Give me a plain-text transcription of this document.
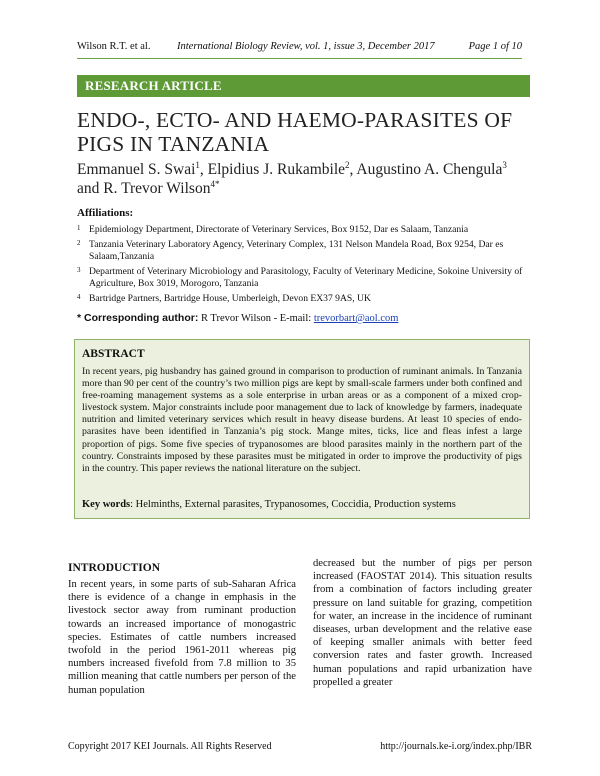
Wilson R.T. et al.	International Biology Review, vol. 1, issue 3, December 2017	Page 1 of 10
RESEARCH ARTICLE
ENDO-, ECTO- AND HAEMO-PARASITES OF PIGS IN TANZANIA
Emmanuel S. Swai$^1$, Elpidius J. Rukambile$^2$, Augustino A. Chengula$^3$
and R. Trevor Wilson$^{4*}$
Affiliations:
1 Epidemiology Department, Directorate of Veterinary Services, Box 9152, Dar es Salaam, Tanzania
2 Tanzania Veterinary Laboratory Agency, Veterinary Complex, 131 Nelson Mandela Road, Box 9254, Dar es Salaam,Tanzania
3 Department of Veterinary Microbiology and Parasitology, Faculty of Veterinary Medicine, Sokoine University of Agriculture, Box 3019, Morogoro, Tanzania
4 Bartridge Partners, Bartridge House, Umberleigh, Devon EX37 9AS, UK
* Corresponding author: R Trevor Wilson - E-mail: trevorbart@aol.com
ABSTRACT

In recent years, pig husbandry has gained ground in comparison to production of ruminant animals. In Tanzania more than 90 per cent of the country’s two million pigs are kept by small-scale farmers under both confined and free-roaming management systems as a sole enterprise in urban areas or as a component of a mixed crop-livestock system. Major constraints include poor management due to lack of knowledge by farmers, inadequate nutrition and limited veterinary services which result in heavy disease burdens. At least 10 species of endo-parasites have been identified in Tanzania’s pig stock. Mange mites, ticks, lice and fleas infest a large proportion of pigs. Some five species of trypanosomes are blood parasites mainly in the northern part of the country. Constraints imposed by these parasites must be mitigated in order to improve the productivity of pigs in the country. This paper reviews the national literature on the subject.

Key words: Helminths, External parasites, Trypanosomes, Coccidia, Production systems
INTRODUCTION

In recent years, in some parts of sub-Saharan Africa there is evidence of a change in emphasis in the livestock sector away from ruminant production towards an increased importance of monogastric species. Estimates of cattle numbers increased twofold in the period 1961-2011 whereas pig numbers increased fivefold from 7.8 million to 35 million meaning that cattle numbers per person of the human population

decreased but the number of pigs per person increased (FAOSTAT 2014). This situation results from a combination of factors including greater pressure on land suitable for grazing, competition for water, an increase in the incidence of ruminant diseases, urban development and the relative ease of keeping smaller animals with better feed conversion rates and faster growth. Increased human populations and rapid urbanization have propelled a greater

Copyright 2017 KEI Journals. All Rights Reserved	http://journals.ke-i.org/index.php/IBR
